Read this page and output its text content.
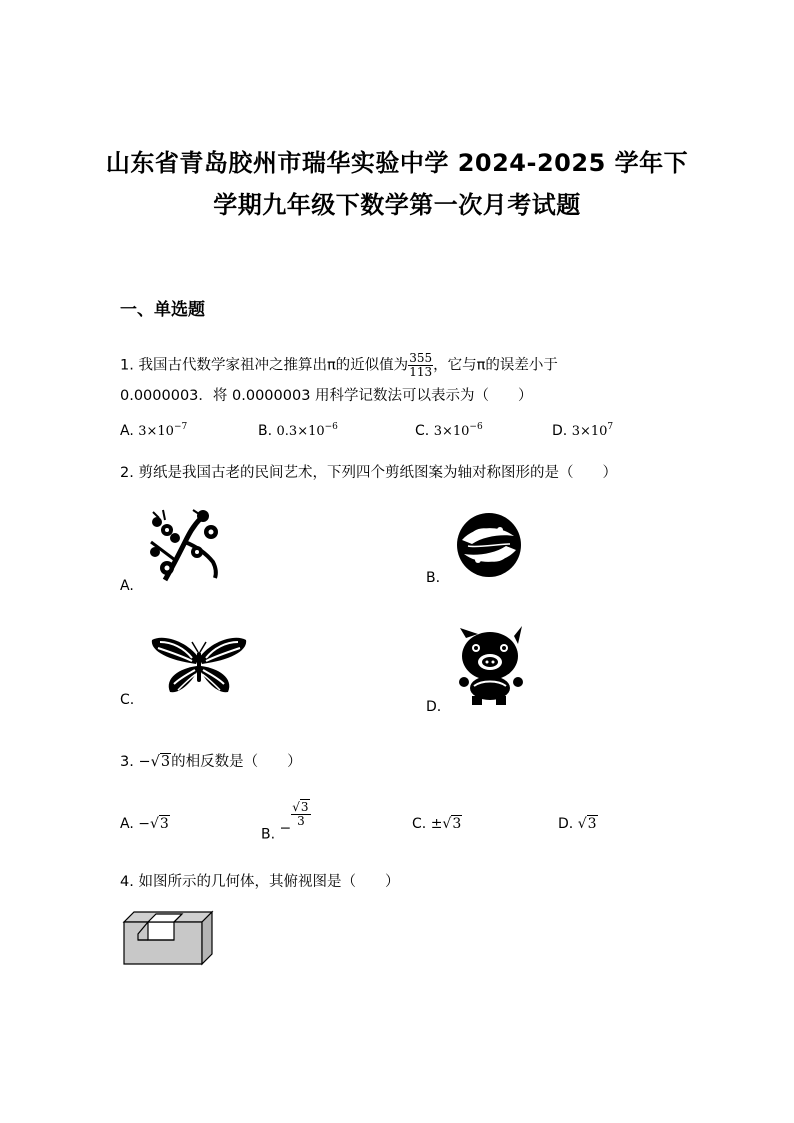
山东省青岛胶州市瑞华实验中学 2024-2025 学年下
学期九年级下数学第一次月考试题
一、单选题
1. 我国古代数学家祖冲之推算出π的近似值为 $\frac{355}{113}$ ，它与π的误差小于
0.0000003．将 0.0000003 用科学记数法可以表示为（　　）
A. $3\times 10^{-7}$	B. $0.3\times 10^{-6}$	C. $3\times 10^{-6}$	D. $3\times 10^7$
2. 剪纸是我国古老的民间艺术，下列四个剪纸图案为轴对称图形的是（　　）
A.	B.
C.	D.
3. −√3的相反数是（　　）
A. −√3
B. −
$\frac{√3}{3}$	C. ±√3	D. √3
4. 如图所示的几何体，其俯视图是（　　）
